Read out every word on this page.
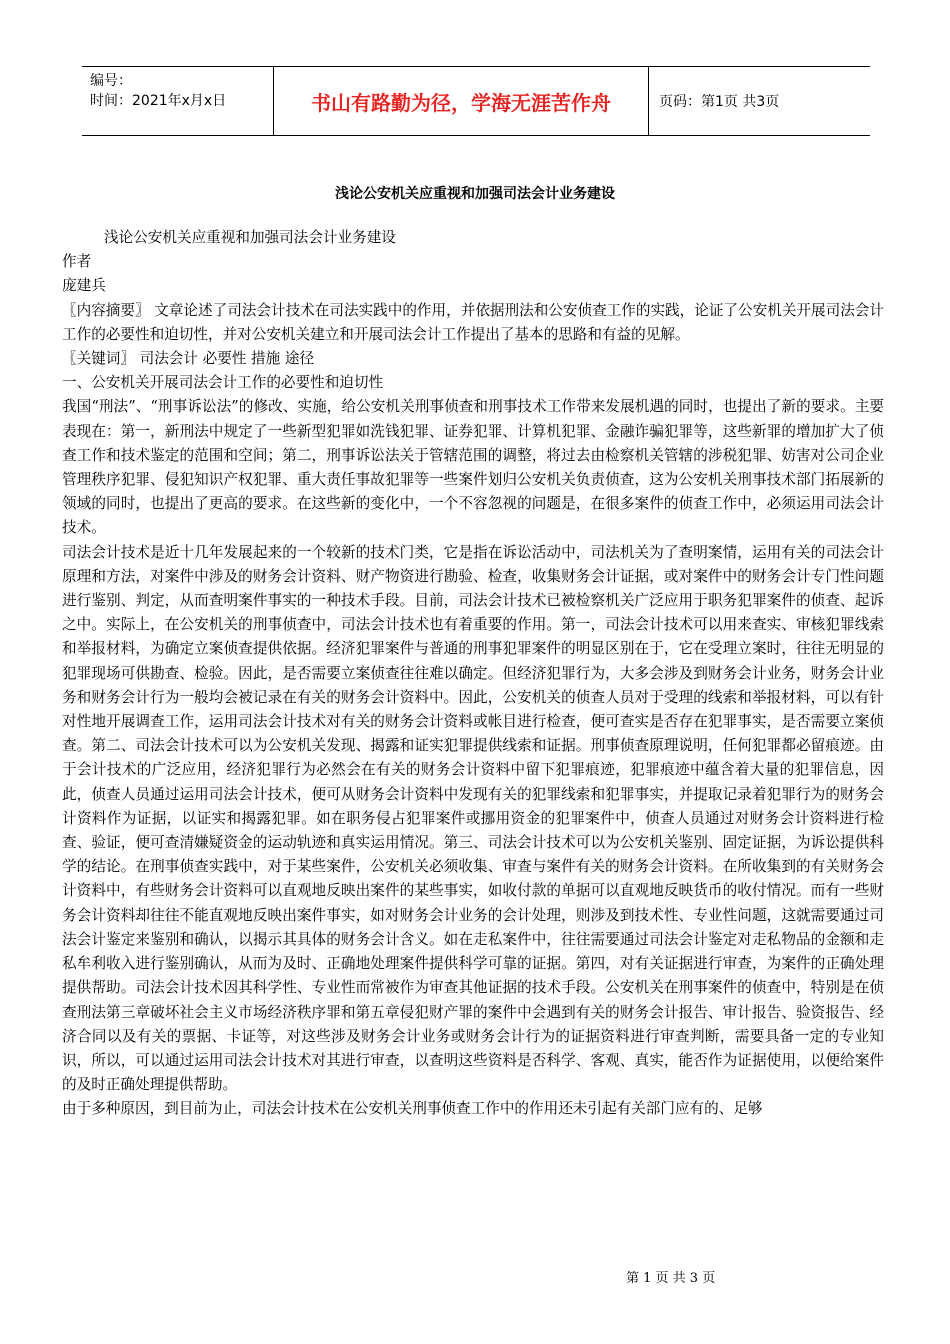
编号：
时间：2021年x月x日	书山有路勤为径，学海无涯苦作舟	页码：第1页 共3页
浅论公安机关应重视和加强司法会计业务建设

浅论公安机关应重视和加强司法会计业务建设

作者

庞建兵

〖内容摘要〗 文章论述了司法会计技术在司法实践中的作用，并依据刑法和公安侦查工作的实践，论证了公安机关开展司法会计工作的必要性和迫切性，并对公安机关建立和开展司法会计工作提出了基本的思路和有益的见解。

〖关键词〗 司法会计 必要性 措施 途径

一、公安机关开展司法会计工作的必要性和迫切性

我国“刑法”、“刑事诉讼法”的修改、实施，给公安机关刑事侦查和刑事技术工作带来发展机遇的同时，也提出了新的要求。主要表现在：第一，新刑法中规定了一些新型犯罪如洗钱犯罪、证券犯罪、计算机犯罪、金融诈骗犯罪等，这些新罪的增加扩大了侦查工作和技术鉴定的范围和空间；第二，刑事诉讼法关于管辖范围的调整，将过去由检察机关管辖的涉税犯罪、妨害对公司企业管理秩序犯罪、侵犯知识产权犯罪、重大责任事故犯罪等一些案件划归公安机关负责侦查，这为公安机关刑事技术部门拓展新的领域的同时，也提出了更高的要求。在这些新的变化中，一个不容忽视的问题是，在很多案件的侦查工作中，必须运用司法会计技术。

司法会计技术是近十几年发展起来的一个较新的技术门类，它是指在诉讼活动中，司法机关为了查明案情，运用有关的司法会计原理和方法，对案件中涉及的财务会计资料、财产物资进行勘验、检查，收集财务会计证据，或对案件中的财务会计专门性问题进行鉴别、判定，从而查明案件事实的一种技术手段。目前，司法会计技术已被检察机关广泛应用于职务犯罪案件的侦查、起诉之中。实际上，在公安机关的刑事侦查中，司法会计技术也有着重要的作用。第一，司法会计技术可以用来查实、审核犯罪线索和举报材料，为确定立案侦查提供依据。经济犯罪案件与普通的刑事犯罪案件的明显区别在于，它在受理立案时，往往无明显的犯罪现场可供勘查、检验。因此，是否需要立案侦查往往难以确定。但经济犯罪行为，大多会涉及到财务会计业务，财务会计业务和财务会计行为一般均会被记录在有关的财务会计资料中。因此，公安机关的侦查人员对于受理的线索和举报材料，可以有针对性地开展调查工作，运用司法会计技术对有关的财务会计资料或帐目进行检查，便可查实是否存在犯罪事实，是否需要立案侦查。第二、司法会计技术可以为公安机关发现、揭露和证实犯罪提供线索和证据。刑事侦查原理说明，任何犯罪都必留痕迹。由于会计技术的广泛应用，经济犯罪行为必然会在有关的财务会计资料中留下犯罪痕迹，犯罪痕迹中蕴含着大量的犯罪信息，因此，侦查人员通过运用司法会计技术，便可从财务会计资料中发现有关的犯罪线索和犯罪事实，并提取记录着犯罪行为的财务会计资料作为证据，以证实和揭露犯罪。如在职务侵占犯罪案件或挪用资金的犯罪案件中，侦查人员通过对财务会计资料进行检查、验证，便可查清嫌疑资金的运动轨迹和真实运用情况。第三、司法会计技术可以为公安机关鉴别、固定证据，为诉讼提供科学的结论。在刑事侦查实践中，对于某些案件，公安机关必须收集、审查与案件有关的财务会计资料。在所收集到的有关财务会计资料中，有些财务会计资料可以直观地反映出案件的某些事实，如收付款的单据可以直观地反映货币的收付情况。而有一些财务会计资料却往往不能直观地反映出案件事实，如对财务会计业务的会计处理，则涉及到技术性、专业性问题，这就需要通过司法会计鉴定来鉴别和确认，以揭示其具体的财务会计含义。如在走私案件中，往往需要通过司法会计鉴定对走私物品的金额和走私牟利收入进行鉴别确认，从而为及时、正确地处理案件提供科学可靠的证据。第四，对有关证据进行审查，为案件的正确处理提供帮助。司法会计技术因其科学性、专业性而常被作为审查其他证据的技术手段。公安机关在刑事案件的侦查中，特别是在侦查刑法第三章破坏社会主义市场经济秩序罪和第五章侵犯财产罪的案件中会遇到有关的财务会计报告、审计报告、验资报告、经济合同以及有关的票据、卡证等，对这些涉及财务会计业务或财务会计行为的证据资料进行审查判断，需要具备一定的专业知识，所以，可以通过运用司法会计技术对其进行审查，以查明这些资料是否科学、客观、真实，能否作为证据使用，以便给案件的及时正确处理提供帮助。

由于多种原因，到目前为止，司法会计技术在公安机关刑事侦查工作中的作用还未引起有关部门应有的、足够

第 1 页 共 3 页
